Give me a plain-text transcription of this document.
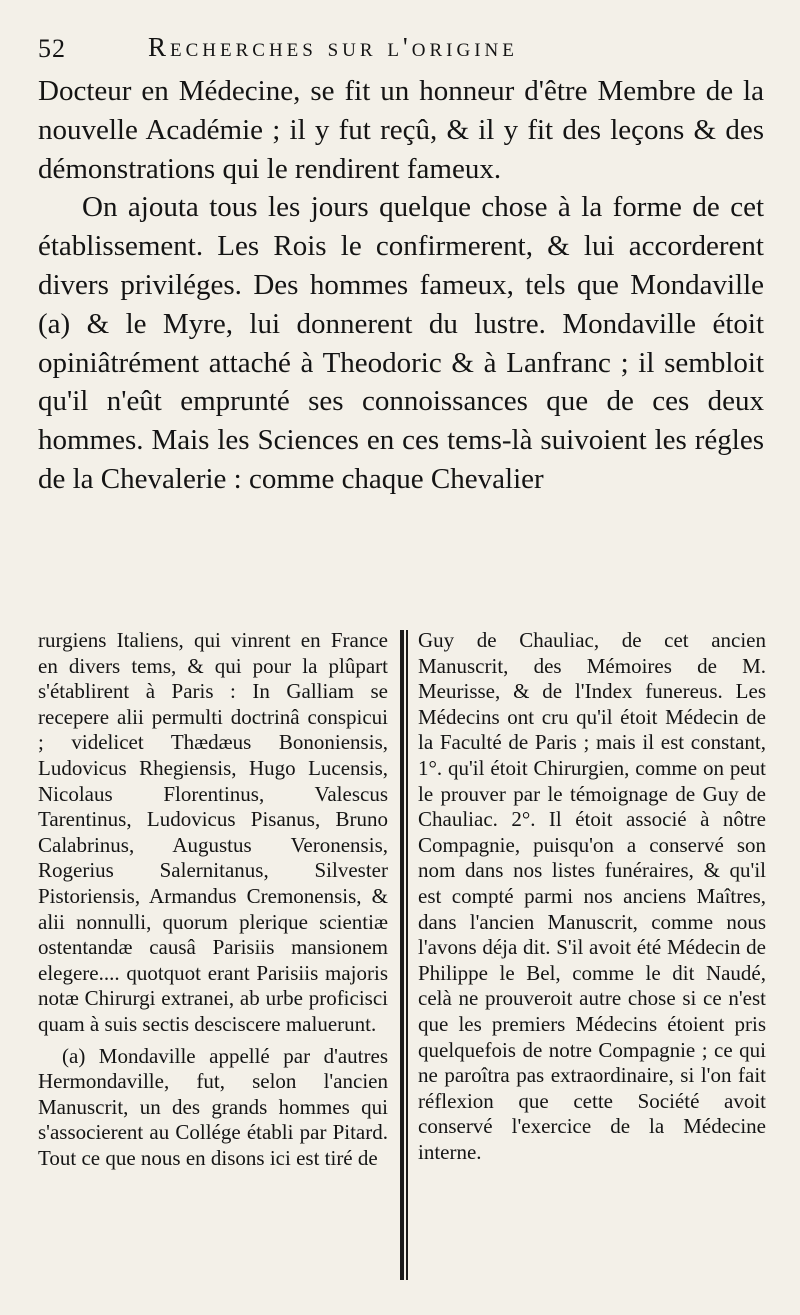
52	Recherches sur l'origine

Docteur en Médecine, se fit un honneur d'être Membre de la nouvelle Académie ; il y fut reçû, & il y fit des leçons & des démonstrations qui le rendirent fameux.

On ajouta tous les jours quelque chose à la forme de cet établissement. Les Rois le confirmerent, & lui accorderent divers priviléges. Des hommes fameux, tels que Mondaville (a) & le Myre, lui donnerent du lustre. Mondaville étoit opiniâtrément attaché à Theodoric & à Lanfranc ; il sembloit qu'il n'eût emprunté ses connoissances que de ces deux hommes. Mais les Sciences en ces tems-là suivoient les régles de la Chevalerie : comme chaque Chevalier

rurgiens Italiens, qui vinrent en France en divers tems, & qui pour la plûpart s'établirent à Paris : In Galliam se recepere alii permulti doctrinâ conspicui ; videlicet Thædæus Bononiensis, Ludovicus Rhegiensis, Hugo Lucensis, Nicolaus Florentinus, Valescus Tarentinus, Ludovicus Pisanus, Bruno Calabrinus, Augustus Veronensis, Rogerius Salernitanus, Silvester Pistoriensis, Armandus Cremonensis, & alii nonnulli, quorum plerique scientiæ ostentandæ causâ Parisiis mansionem elegere.... quotquot erant Parisiis majoris notæ Chirurgi extranei, ab urbe proficisci quam à suis sectis desciscere maluerunt.

(a) Mondaville appellé par d'autres Hermondaville, fut, selon l'ancien Manuscrit, un des grands hommes qui s'associerent au Collége établi par Pitard. Tout ce que nous en disons ici est tiré de

Guy de Chauliac, de cet ancien Manuscrit, des Mémoires de M. Meurisse, & de l'Index funereus. Les Médecins ont cru qu'il étoit Médecin de la Faculté de Paris ; mais il est constant, 1°. qu'il étoit Chirurgien, comme on peut le prouver par le témoignage de Guy de Chauliac. 2°. Il étoit associé à nôtre Compagnie, puisqu'on a conservé son nom dans nos listes funéraires, & qu'il est compté parmi nos anciens Maîtres, dans l'ancien Manuscrit, comme nous l'avons déja dit. S'il avoit été Médecin de Philippe le Bel, comme le dit Naudé, celà ne prouveroit autre chose si ce n'est que les premiers Médecins étoient pris quelquefois de notre Compagnie ; ce qui ne paroîtra pas extraordinaire, si l'on fait réflexion que cette Société avoit conservé l'exercice de la Médecine interne.
